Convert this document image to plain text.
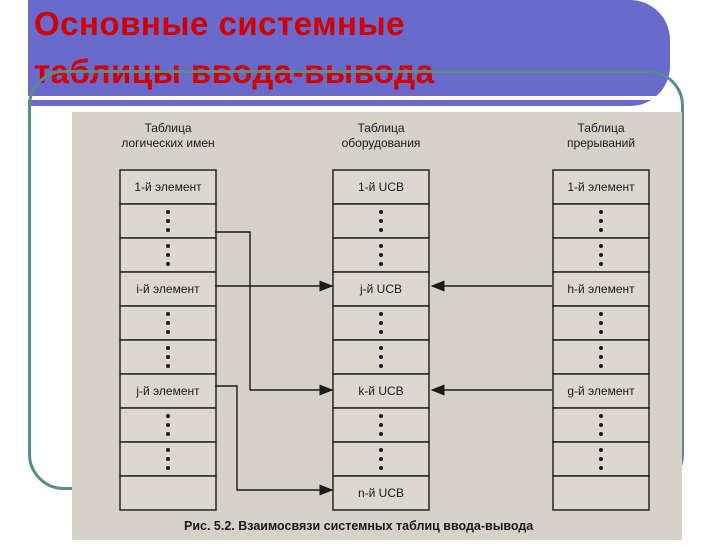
Основные системные
таблицы ввода-вывода
Таблица
логических имен
Таблица
оборудования
Таблица
прерываний
1-й элемент
i-й элемент
j-й элемент
1-й UCB
j-й UCB
k-й UCB
n-й UCB
1-й элемент
h-й элемент
g-й элемент
Рис. 5.2. Взаимосвязи системных таблиц ввода-вывода
